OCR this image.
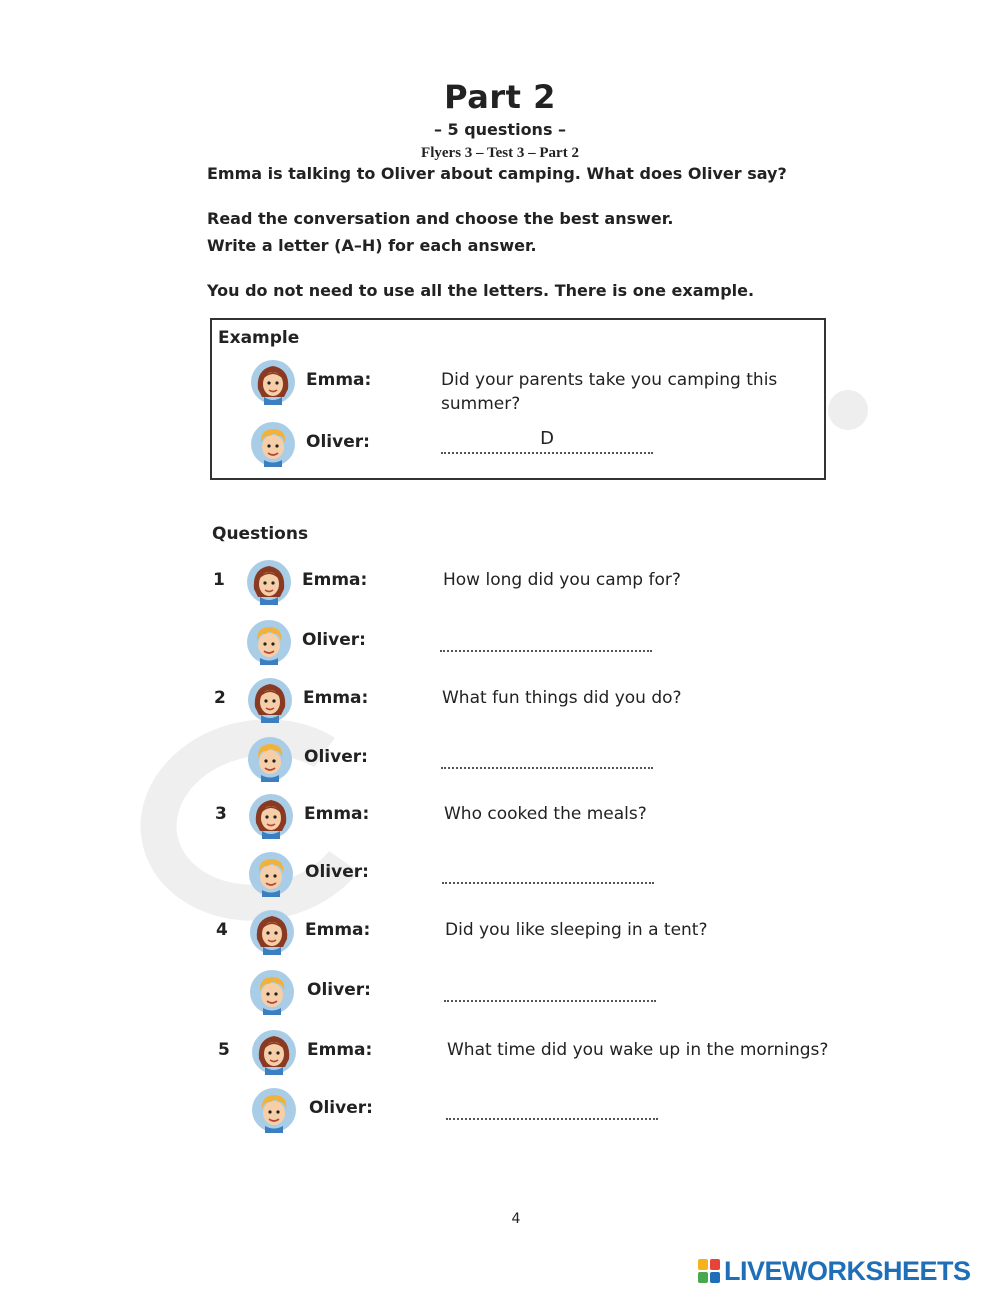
Part 2
– 5 questions –
Flyers 3 – Test 3 – Part 2
Emma is talking to Oliver about camping. What does Oliver say?
Read the conversation and choose the best answer.
Write a letter (A–H) for each answer.
You do not need to use all the letters. There is one example.
Example
Emma:	Did your parents take you camping this summer?
Oliver:	D
Questions
1	Emma:	How long did you camp for?
Oliver:
2	Emma:	What fun things did you do?
Oliver:
3	Emma:	Who cooked the meals?
Oliver:
4	Emma:	Did you like sleeping in a tent?
Oliver:
5	Emma:	What time did you wake up in the mornings?
Oliver:
4
LIVEWORKSHEETS
